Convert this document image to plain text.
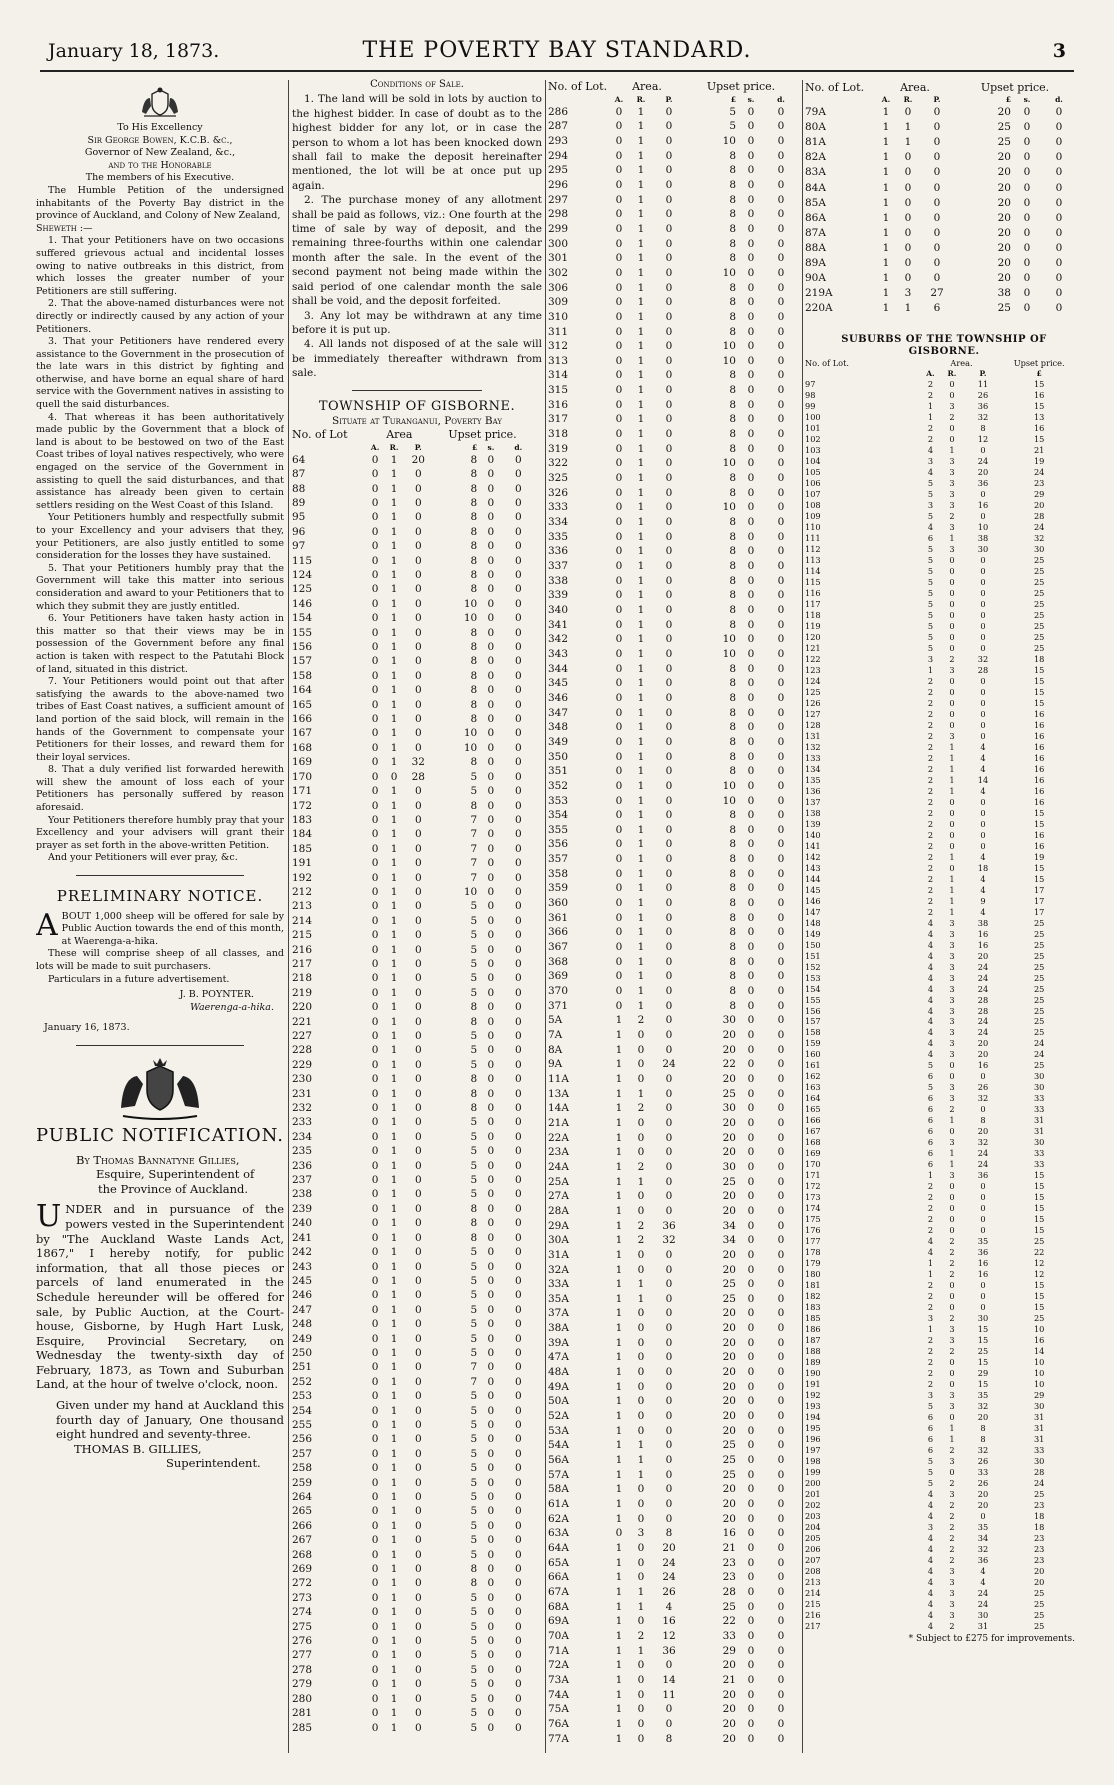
January 18, 1873.	THE POVERTY BAY STANDARD.	3
To His Excellency
Sir George Bowen, K.C.B. &c.,
Governor of New Zealand, &c.,
and to the Honorable
The members of his Executive.

The Humble Petition of the undersigned inhabitants of the Poverty Bay district in the province of Auckland, and Colony of New Zealand,

Sheweth :—

1. That your Petitioners have on two occasions suffered grievous actual and incidental losses owing to native outbreaks in this district, from which losses the greater number of your Petitioners are still suffering.

2. That the above-named disturbances were not directly or indirectly caused by any action of your Petitioners.

3. That your Petitioners have rendered every assistance to the Government in the prosecution of the late wars in this district by fighting and otherwise, and have borne an equal share of hard service with the Government natives in assisting to quell the said disturbances.

4. That whereas it has been authoritatively made public by the Government that a block of land is about to be bestowed on two of the East Coast tribes of loyal natives respectively, who were engaged on the service of the Government in assisting to quell the said disturbances, and that assistance has already been given to certain settlers residing on the West Coast of this Island.

Your Petitioners humbly and respectfully submit to your Excellency and your advisers that they, your Petitioners, are also justly entitled to some consideration for the losses they have sustained.

5. That your Petitioners humbly pray that the Government will take this matter into serious consideration and award to your Petitioners that to which they submit they are justly entitled.

6. Your Petitioners have taken hasty action in this matter so that their views may be in possession of the Government before any final action is taken with respect to the Patutahi Block of land, situated in this district.

7. Your Petitioners would point out that after satisfying the awards to the above-named two tribes of East Coast natives, a sufficient amount of land portion of the said block, will remain in the hands of the Government to compensate your Petitioners for their losses, and reward them for their loyal services.

8. That a duly verified list forwarded herewith will shew the amount of loss each of your Petitioners has personally suffered by reason aforesaid.

Your Petitioners therefore humbly pray that your Excellency and your advisers will grant their prayer as set forth in the above-written Petition.

And your Petitioners will ever pray, &c.

PRELIMINARY NOTICE.
ABOUT 1,000 sheep will be offered for sale by Public Auction towards the end of this month, at Waerenga-a-hika.

These will comprise sheep of all classes, and lots will be made to suit purchasers.

Particulars in a future advertisement.

J. B. POYNTER.
Waerenga-a-hika.
January 16, 1873.
PUBLIC NOTIFICATION.
By Thomas Bannatyne Gillies,
Esquire, Superintendent of
the Province of Auckland.
UNDER and in pursuance of the powers vested in the Superintendent by "The Auckland Waste Lands Act, 1867," I hereby notify, for public information, that all those pieces or parcels of land enumerated in the Schedule hereunder will be offered for sale, by Public Auction, at the Court-house, Gisborne, by Hugh Hart Lusk, Esquire, Provincial Secretary, on Wednesday the twenty-sixth day of February, 1873, as Town and Suburban Land, at the hour of twelve o'clock, noon.

Given under my hand at Auckland this fourth day of January, One thousand eight hundred and seventy-three.

THOMAS B. GILLIES,
Superintendent.
Conditions of Sale.

1. The land will be sold in lots by auction to the highest bidder. In case of doubt as to the highest bidder for any lot, or in case the person to whom a lot has been knocked down shall fail to make the deposit hereinafter mentioned, the lot will be at once put up again.

2. The purchase money of any allotment shall be paid as follows, viz.: One fourth at the time of sale by way of deposit, and the remaining three-fourths within one calendar month after the sale. In the event of the second payment not being made within the said period of one calendar month the sale shall be void, and the deposit forfeited.

3. Any lot may be withdrawn at any time before it is put up.

4. All lands not disposed of at the sale will be immediately thereafter withdrawn from sale.

TOWNSHIP OF GISBORNE.
Situate at Turanganui, Poverty Bay
No. of Lot	Area			Upset price.		
	A.	R.	P.	£	s.	d.
64	0	1	20	8	0	0
87	0	1	0	8	0	0
88	0	1	0	8	0	0
89	0	1	0	8	0	0
95	0	1	0	8	0	0
96	0	1	0	8	0	0
97	0	1	0	8	0	0
115	0	1	0	8	0	0
124	0	1	0	8	0	0
125	0	1	0	8	0	0
146	0	1	0	10	0	0
154	0	1	0	10	0	0
155	0	1	0	8	0	0
156	0	1	0	8	0	0
157	0	1	0	8	0	0
158	0	1	0	8	0	0
164	0	1	0	8	0	0
165	0	1	0	8	0	0
166	0	1	0	8	0	0
167	0	1	0	10	0	0
168	0	1	0	10	0	0
169	0	1	32	8	0	0
170	0	0	28	5	0	0
171	0	1	0	5	0	0
172	0	1	0	8	0	0
183	0	1	0	7	0	0
184	0	1	0	7	0	0
185	0	1	0	7	0	0
191	0	1	0	7	0	0
192	0	1	0	7	0	0
212	0	1	0	10	0	0
213	0	1	0	5	0	0
214	0	1	0	5	0	0
215	0	1	0	5	0	0
216	0	1	0	5	0	0
217	0	1	0	5	0	0
218	0	1	0	5	0	0
219	0	1	0	5	0	0
220	0	1	0	8	0	0
221	0	1	0	8	0	0
227	0	1	0	5	0	0
228	0	1	0	5	0	0
229	0	1	0	5	0	0
230	0	1	0	8	0	0
231	0	1	0	8	0	0
232	0	1	0	8	0	0
233	0	1	0	5	0	0
234	0	1	0	5	0	0
235	0	1	0	5	0	0
236	0	1	0	5	0	0
237	0	1	0	5	0	0
238	0	1	0	5	0	0
239	0	1	0	8	0	0
240	0	1	0	8	0	0
241	0	1	0	8	0	0
242	0	1	0	5	0	0
243	0	1	0	5	0	0
245	0	1	0	5	0	0
246	0	1	0	5	0	0
247	0	1	0	5	0	0
248	0	1	0	5	0	0
249	0	1	0	5	0	0
250	0	1	0	5	0	0
251	0	1	0	7	0	0
252	0	1	0	7	0	0
253	0	1	0	5	0	0
254	0	1	0	5	0	0
255	0	1	0	5	0	0
256	0	1	0	5	0	0
257	0	1	0	5	0	0
258	0	1	0	5	0	0
259	0	1	0	5	0	0
264	0	1	0	5	0	0
265	0	1	0	5	0	0
266	0	1	0	5	0	0
267	0	1	0	5	0	0
268	0	1	0	5	0	0
269	0	1	0	8	0	0
272	0	1	0	8	0	0
273	0	1	0	5	0	0
274	0	1	0	5	0	0
275	0	1	0	5	0	0
276	0	1	0	5	0	0
277	0	1	0	5	0	0
278	0	1	0	5	0	0
279	0	1	0	5	0	0
280	0	1	0	5	0	0
281	0	1	0	5	0	0
285	0	1	0	5	0	0
No. of Lot.	Area.			Upset price.		
	A.	R.	P.	£	s.	d.
286	0	1	0	5	0	0
287	0	1	0	5	0	0
293	0	1	0	10	0	0
294	0	1	0	8	0	0
295	0	1	0	8	0	0
296	0	1	0	8	0	0
297	0	1	0	8	0	0
298	0	1	0	8	0	0
299	0	1	0	8	0	0
300	0	1	0	8	0	0
301	0	1	0	8	0	0
302	0	1	0	10	0	0
306	0	1	0	8	0	0
309	0	1	0	8	0	0
310	0	1	0	8	0	0
311	0	1	0	8	0	0
312	0	1	0	10	0	0
313	0	1	0	10	0	0
314	0	1	0	8	0	0
315	0	1	0	8	0	0
316	0	1	0	8	0	0
317	0	1	0	8	0	0
318	0	1	0	8	0	0
319	0	1	0	8	0	0
322	0	1	0	10	0	0
325	0	1	0	8	0	0
326	0	1	0	8	0	0
333	0	1	0	10	0	0
334	0	1	0	8	0	0
335	0	1	0	8	0	0
336	0	1	0	8	0	0
337	0	1	0	8	0	0
338	0	1	0	8	0	0
339	0	1	0	8	0	0
340	0	1	0	8	0	0
341	0	1	0	8	0	0
342	0	1	0	10	0	0
343	0	1	0	10	0	0
344	0	1	0	8	0	0
345	0	1	0	8	0	0
346	0	1	0	8	0	0
347	0	1	0	8	0	0
348	0	1	0	8	0	0
349	0	1	0	8	0	0
350	0	1	0	8	0	0
351	0	1	0	8	0	0
352	0	1	0	10	0	0
353	0	1	0	10	0	0
354	0	1	0	8	0	0
355	0	1	0	8	0	0
356	0	1	0	8	0	0
357	0	1	0	8	0	0
358	0	1	0	8	0	0
359	0	1	0	8	0	0
360	0	1	0	8	0	0
361	0	1	0	8	0	0
366	0	1	0	8	0	0
367	0	1	0	8	0	0
368	0	1	0	8	0	0
369	0	1	0	8	0	0
370	0	1	0	8	0	0
371	0	1	0	8	0	0
5A	1	2	0	30	0	0
7A	1	0	0	20	0	0
8A	1	0	0	20	0	0
9A	1	0	24	22	0	0
11A	1	0	0	20	0	0
13A	1	1	0	25	0	0
14A	1	2	0	30	0	0
21A	1	0	0	20	0	0
22A	1	0	0	20	0	0
23A	1	0	0	20	0	0
24A	1	2	0	30	0	0
25A	1	1	0	25	0	0
27A	1	0	0	20	0	0
28A	1	0	0	20	0	0
29A	1	2	36	34	0	0
30A	1	2	32	34	0	0
31A	1	0	0	20	0	0
32A	1	0	0	20	0	0
33A	1	1	0	25	0	0
35A	1	1	0	25	0	0
37A	1	0	0	20	0	0
38A	1	0	0	20	0	0
39A	1	0	0	20	0	0
47A	1	0	0	20	0	0
48A	1	0	0	20	0	0
49A	1	0	0	20	0	0
50A	1	0	0	20	0	0
52A	1	0	0	20	0	0
53A	1	0	0	20	0	0
54A	1	1	0	25	0	0
56A	1	1	0	25	0	0
57A	1	1	0	25	0	0
58A	1	0	0	20	0	0
61A	1	0	0	20	0	0
62A	1	0	0	20	0	0
63A	0	3	8	16	0	0
64A	1	0	20	21	0	0
65A	1	0	24	23	0	0
66A	1	0	24	23	0	0
67A	1	1	26	28	0	0
68A	1	1	4	25	0	0
69A	1	0	16	22	0	0
70A	1	2	12	33	0	0
71A	1	1	36	29	0	0
72A	1	0	0	20	0	0
73A	1	0	14	21	0	0
74A	1	0	11	20	0	0
75A	1	0	0	20	0	0
76A	1	0	0	20	0	0
77A	1	0	8	20	0	0
No. of Lot.	Area.			Upset price.		
	A.	R.	P.	£	s.	d.
79A	1	0	0	20	0	0
80A	1	1	0	25	0	0
81A	1	1	0	25	0	0
82A	1	0	0	20	0	0
83A	1	0	0	20	0	0
84A	1	0	0	20	0	0
85A	1	0	0	20	0	0
86A	1	0	0	20	0	0
87A	1	0	0	20	0	0
88A	1	0	0	20	0	0
89A	1	0	0	20	0	0
90A	1	0	0	20	0	0
219A	1	3	27	38	0	0
220A	1	1	6	25	0	0
SUBURBS OF THE TOWNSHIP OF GISBORNE.
No. of Lot.	Area.			Upset price.
	A.	R.	P.	£
97	2	0	11	15
98	2	0	26	16
99	1	3	36	15
100	1	2	32	13
101	2	0	8	16
102	2	0	12	15
103	4	1	0	21
104	3	3	24	19
105	4	3	20	24
106	5	3	36	23
107	5	3	0	29
108	3	3	16	20
109	5	2	0	28
110	4	3	10	24
111	6	1	38	32
112	5	3	30	30
113	5	0	0	25
114	5	0	0	25
115	5	0	0	25
116	5	0	0	25
117	5	0	0	25
118	5	0	0	25
119	5	0	0	25
120	5	0	0	25
121	5	0	0	25
122	3	2	32	18
123	1	3	28	15
124	2	0	0	15
125	2	0	0	15
126	2	0	0	15
127	2	0	0	16
128	2	0	0	16
131	2	3	0	16
132	2	1	4	16
133	2	1	4	16
134	2	1	4	16
135	2	1	14	16
136	2	1	4	16
137	2	0	0	16
138	2	0	0	15
139	2	0	0	15
140	2	0	0	16
141	2	0	0	16
142	2	1	4	19
143	2	0	18	15
144	2	1	4	15
145	2	1	4	17
146	2	1	9	17
147	2	1	4	17
148	4	3	38	25
149	4	3	16	25
150	4	3	16	25
151	4	3	20	25
152	4	3	24	25
153	4	3	24	25
154	4	3	24	25
155	4	3	28	25
156	4	3	28	25
157	4	3	24	25
158	4	3	24	25
159	4	3	20	24
160	4	3	20	24
161	5	0	16	25
162	6	0	0	30
163	5	3	26	30
164	6	3	32	33
165	6	2	0	33
166	6	1	8	31
167	6	0	20	31
168	6	3	32	30
169	6	1	24	33
170	6	1	24	33
171	1	3	36	15
172	2	0	0	15
173	2	0	0	15
174	2	0	0	15
175	2	0	0	15
176	2	0	0	15
177	4	2	35	25
178	4	2	36	22
179	1	2	16	12
180	1	2	16	12
181	2	0	0	15
182	2	0	0	15
183	2	0	0	15
185	3	2	30	25
186	1	3	15	10
187	2	3	15	16
188	2	2	25	14
189	2	0	15	10
190	2	0	29	10
191	2	0	15	10
192	3	3	35	29
193	5	3	32	30
194	6	0	20	31
195	6	1	8	31
196	6	1	8	31
197	6	2	32	33
198	5	3	26	30
199	5	0	33	28
200	5	2	26	24
201	4	3	20	25
202	4	2	20	23
203	4	2	0	18
204	3	2	35	18
205	4	2	34	23
206	4	2	32	23
207	4	2	36	23
208	4	3	4	20
213	4	3	4	20
214	4	3	24	25
215	4	3	24	25
216	4	3	30	25
217	4	2	31	25
* Subject to £275 for improvements.
